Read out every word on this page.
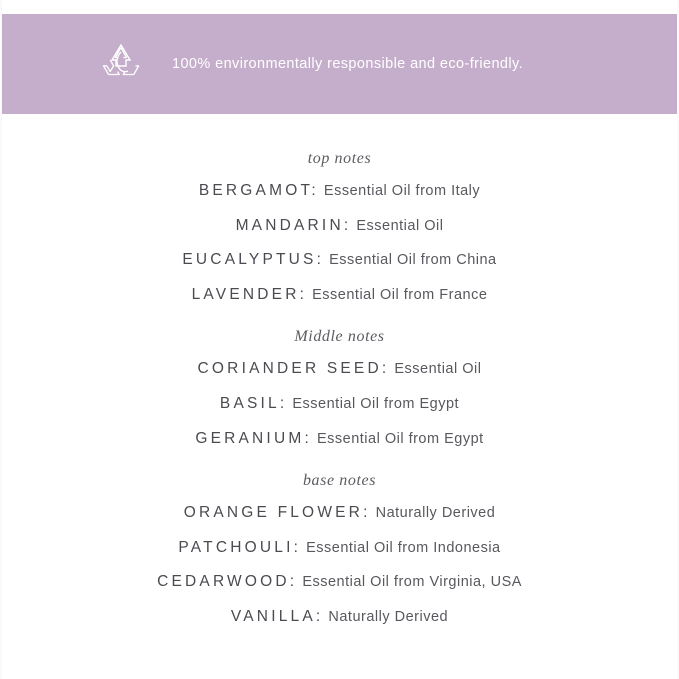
100% environmentally responsible and eco-friendly.
top notes

BERGAMOT: Essential Oil from Italy

MANDARIN: Essential Oil

EUCALYPTUS: Essential Oil from China

LAVENDER: Essential Oil from France

Middle notes

CORIANDER SEED: Essential Oil

BASIL: Essential Oil from Egypt

GERANIUM: Essential Oil from Egypt

base notes

ORANGE FLOWER: Naturally Derived

PATCHOULI: Essential Oil from Indonesia

CEDARWOOD: Essential Oil from Virginia, USA

VANILLA: Naturally Derived
